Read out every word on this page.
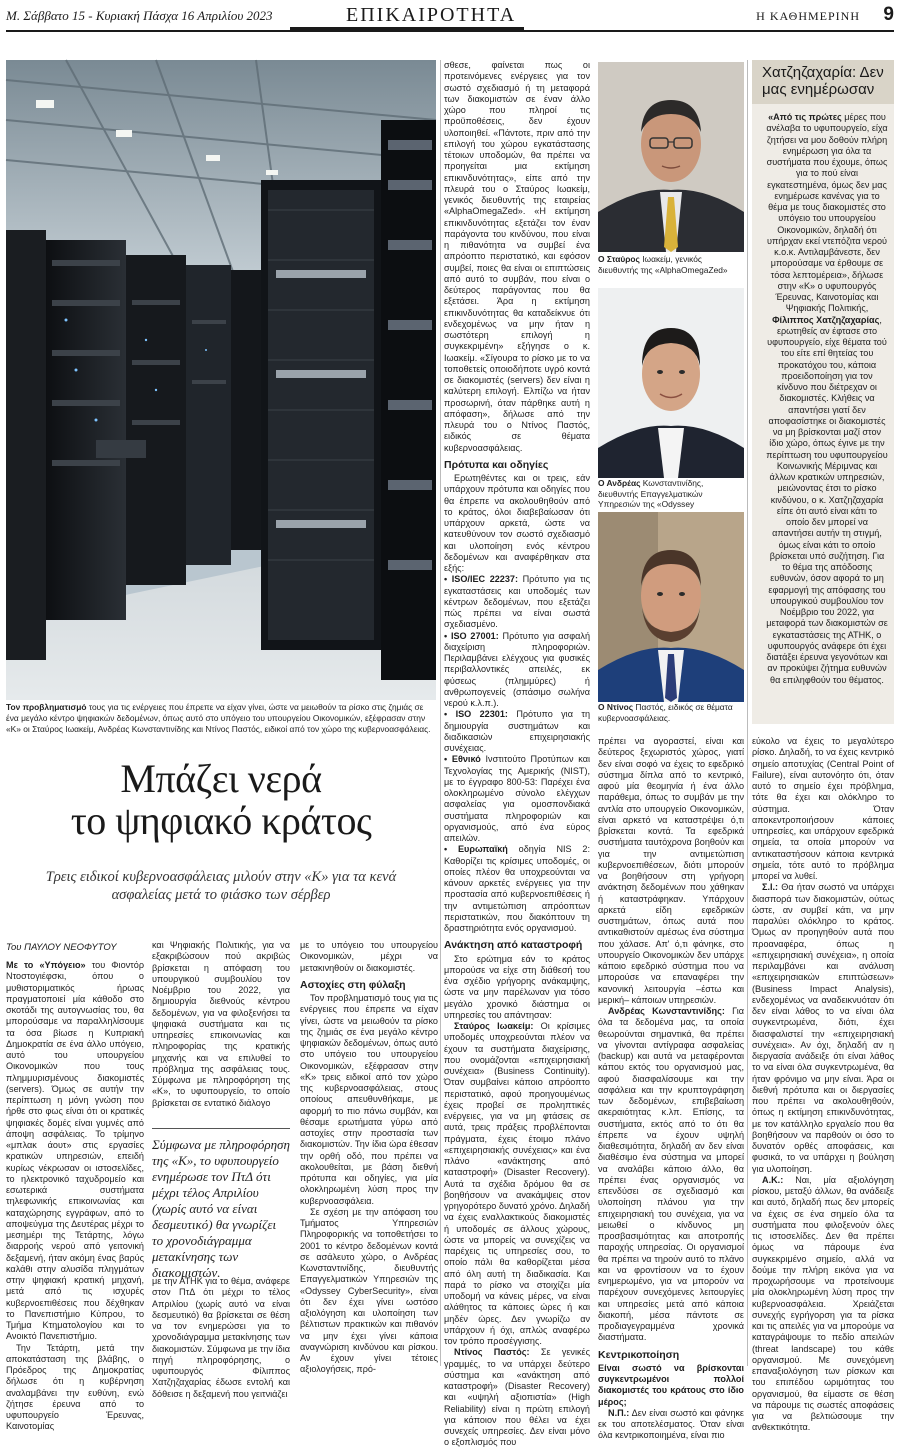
Μ. Σάββατο 15 - Κυριακή Πάσχα 16 Απριλίου 2023	ΕΠΙΚΑΙΡΟΤΗΤΑ	Η ΚΑΘΗΜΕΡΙΝΗ 9
Τον προβληματισμό τους για τις ενέργειες που έπρεπε να είχαν γίνει, ώστε να μειωθούν τα ρίσκο στις ζημιάς σε ένα μεγάλο κέντρο ψηφιακών δεδομένων, όπως αυτό στο υπόγειο του υπουργείου Οικονομικών, εξέφρασαν στην «Κ» οι Σταύρος Ιωακείμ, Ανδρέας Κωνσταντινίδης και Ντίνος Παστός, ειδικοί από τον χώρο της κυβερνοασφάλειας.
Μπάζει νερά
το ψηφιακό κράτος
Τρεις ειδικοί κυβερνοασφάλειας μιλούν στην «Κ» για τα κενά ασφαλείας μετά το φιάσκο των σέρβερ
Του ΠΑΥΛΟΥ ΝΕΟΦΥΤΟΥ

Με το «Υπόγειο» του Φιοντόρ Ντοστογιέφσκι, όπου ο μυθιστοριματικός ήρωας πραγματοποιεί μία κάθοδο στο σκοτάδι της αυτογνωσίας του, θα μπορούσαμε να παραλληλίσουμε τα όσα βίωσε η Κυπριακή Δημοκρατία σε ένα άλλο υπόγειο, αυτό του υπουργείου Οικονομικών που τους πλημμυρισμένους διακομιστές (servers). Όμως σε αυτήν την περίπτωση η μόνη γνώση που ήρθε στο φως είναι ότι οι κρατικές ψηφιακές δομές είναι γυμνές από άποψη ασφάλειας. Το τρίμηνο «μπλακ άουτ» στις εργασίες κρατικών υπηρεσιών, επειδή κυρίως νέκρωσαν οι ιστοσελίδες, το ηλεκτρονικό ταχυδρομείο και εσωτερικά συστήματα τηλεφωνικής επικοινωνίας και καταχώρησης εγγράφων, από το αποψεύγμα της Δευτέρας μέχρι το μεσημέρι της Τετάρτης, λόγω διαρροής νερού από γειτονική δεξαμενή, ήταν ακόμη ένας βαρύς καλάθι στην αλυσίδα πληγμάτων στην ψηφιακή κρατική μηχανή, μετά από τις ισχυρές κυβερνοεπιθέσεις που δέχθηκαν το Πανεπιστήμιο Κύπρου, το Τμήμα Κτηματολογίου και το Ανοικτό Πανεπιστήμιο.

Την Τετάρτη, μετά την αποκατάσταση της βλάβης, ο Πρόεδρος της Δημοκρατίας δήλωσε ότι η κυβέρνηση αναλαμβάνει την ευθύνη, ενώ ζήτησε έρευνα από το υφυπουργείο Έρευνας, Καινοτομίας

και Ψηφιακής Πολιτικής, για να εξακριβώσουν πού ακριβώς βρίσκεται η απόφαση του υπουργικού συμβουλίου τον Νοέμβριο του 2022, για δημιουργία διεθνούς κέντρου δεδομένων, για να φιλοξενήσει τα ψηφιακά συστήματα και τις υπηρεσίες επικοινωνίας και πληροφορίας της κρατικής μηχανής και να επιλυθεί το πρόβλημα της ασφάλειας τους. Σύμφωνα με πληροφόρηση της «Κ», το υφυπουργείο, το οποίο βρίσκεται σε εντατικό διάλογο

Σύμφωνα με πληροφόρηση της «Κ», το υφυπουργείο ενημέρωσε τον ΠτΔ ότι μέχρι τέλος Απριλίου (χωρίς αυτό να είναι δεσμευτικό) θα γνωρίζει το χρονοδιάγραμμα μετακίνησης των διακομιστών.

με την ΑΤΗΚ για το θέμα, ανάφερε στον ΠτΔ ότι μέχρι το τέλος Απριλίου (χωρίς αυτό να είναι δεσμευτικό) θα βρίσκεται σε θέση να τον ενημερώσει για το χρονοδιάγραμμα μετακίνησης των διακομιστών. Σύμφωνα με την ίδια πηγή πληροφόρησης, ο υφυπουργός Φίλιππος Χατζηζαχαρίας έδωσε εντολή και δόθεισε η δεξαμενή που γειτνιάζει

με το υπόγειο του υπουργείου Οικονομικών, μέχρι να μετακινηθούν οι διακομιστές.

Αστοχίες στη φύλαξη

Τον προβληματισμό τους για τις ενέργειες που έπρεπε να είχαν γίνει, ώστε να μειωθούν τα ρίσκο της ζημιάς σε ένα μεγάλο κέντρο ψηφιακών δεδομένων, όπως αυτό στο υπόγειο του υπουργείου Οικονομικών, εξέφρασαν στην «Κ» τρεις ειδικοί από τον χώρο της κυβερνοασφάλειας, στους οποίους απευθυνθήκαμε, με αφορμή το πιο πάνω συμβάν, και θέσαμε ερωτήματα γύρω από αστοχίες στην προστασία των διακομιστών. Την ίδια ώρα έθεσαν την ορθή οδό, που πρέπει να ακολουθείται, με βάση διεθνή πρότυπα και οδηγίες, για μία ολοκληρωμένη λύση προς την κυβερνοασφάλεια.

Σε σχέση με την απόφαση του Τμήματος Υπηρεσιών Πληροφορικής να τοποθετήσει το 2001 το κέντρο δεδομένων κοντά σε ασάλευτο χώρο, ο Ανδρέας Κωνσταντινίδης, διευθυντής Επαγγελματικών Υπηρεσιών της «Odyssey CyberSecurity», είναι ότι δεν έχει γίνει ωστόσο αξιολόγηση και υλοποίηση των βέλτιστων πρακτικών και πιθανόν να μην έχει γίνει κάποια αναγνώριση κινδύνου και ρίσκου. Αν έχουν γίνει τέτοιες αξιολογήσεις, πρό-

σθεσε, φαίνεται πως οι προτεινόμενες ενέργειες για τον σωστό σχεδιασμό ή τη μεταφορά των διακομιστών σε έναν άλλο χώρο που πληροί τις προϋποθέσεις, δεν έχουν υλοποιηθεί. «Πάντοτε, πριν από την επιλογή του χώρου εγκατάστασης τέτοιων υποδομών, θα πρέπει να προηγείται μια εκτίμηση επικινδυνότητας», είπε από την πλευρά του ο Σταύρος Ιωακείμ, γενικός διευθυντής της εταιρείας «AlphaOmegaZed». «Η εκτίμηση επικινδυνότητας εξετάζει τον έναν παράγοντα του κινδύνου, που είναι η πιθανότητα να συμβεί ένα απρόοπτο περιστατικό, και εφόσον συμβεί, ποιες θα είναι οι επιπτώσεις από αυτό το συμβάν, που είναι ο δεύτερος παράγοντας που θα εξετάσει. Άρα η εκτίμηση επικινδυνότητας θα καταδείκνυε ότι ενδεχομένως να μην ήταν η σωστότερη επιλογή η συγκεκριμένη» εξήγησε ο κ. Ιωακείμ. «Σίγουρα το ρίσκο με το να τοποθετείς οποιοδήποτε υγρό κοντά σε διακομιστές (servers) δεν είναι η καλύτερη επιλογή. Ελπίζω να ήταν προσωρινή, όταν πάρθηκε αυτή η απόφαση», δήλωσε από την πλευρά του ο Ντίνος Παστός, ειδικός σε θέματα κυβερνοασφάλειας.

Πρότυπα και οδηγίες

Ερωτηθέντες και οι τρεις, εάν υπάρχουν πρότυπα και οδηγίες που θα έπρεπε να ακολουθηθούν από το κράτος, όλοι διαβεβαίωσαν ότι υπάρχουν αρκετά, ώστε να κατευθύνουν τον σωστό σχεδιασμό και υλοποίηση ενός κέντρου δεδομένων και αναφέρθηκαν στα εξής:

• ISO/IEC 22237: Πρότυπο για τις εγκαταστάσεις και υποδομές των κέντρων δεδομένων, που εξετάζει πώς πρέπει να είναι σωστά σχεδιασμένο.

• ISO 27001: Πρότυπο για ασφαλή διαχείριση πληροφοριών. Περιλαμβάνει ελέγχους για φυσικές περιβαλλοντικές απειλές, εκ φύσεως (πλημμύρες) ή ανθρωπογενείς (σπάσιμο σωλήνα νερού κ.λ.π.).

• ISO 22301: Πρότυπο για τη δημιουργία συστημάτων και διαδικασιών επιχειρησιακής συνέχειας.

• Εθνικό Ινστιτούτο Προτύπων και Τεχνολογίας της Αμερικής (NIST), με το έγγραφο 800-53: Παρέχει ένα ολοκληρωμένο σύνολο ελέγχων ασφαλείας για ομοσπονδιακά συστήματα πληροφοριών και οργανισμούς, από ένα εύρος απειλών.

• Ευρωπαϊκή οδηγία NIS 2: Καθορίζει τις κρίσιμες υποδομές, οι οποίες πλέον θα υποχρεούνται να κάνουν αρκετές ενέργειες για την προστασία από κυβερνοεπιθέσεις ή την αντιμετώπιση απρόοπτων περιστατικών, που διακόπτουν τη δραστηριότητα ενός οργανισμού.

Ανάκτηση από καταστροφή

Στο ερώτημα εάν το κράτος μπορούσε να είχε στη διάθεσή του ένα σχέδιο γρήγορης ανάκαμψης, ώστε να μην παρέλωναν για τόσο μεγάλο χρονικό διάστημα οι υπηρεσίες του απάντησαν:

Σταύρος Ιωακείμ: Οι κρίσιμες υποδομές υποχρεούνται πλέον να έχουν τα συστήματα διαχείρισης, που ονομάζονται «επιχειρησιακή συνέχεια» (Business Continuity). Όταν συμβαίνει κάποιο απρόοπτο περιστατικό, αφού προηγουμένως έχεις προβεί σε προληπτικές ενέργειες, για να μη φτάσεις σε αυτά, τρεις πράξεις προβλέπονται πράγματα, έχεις έτοιμο πλάνο «επιχειρησιακής συνέχειας» και ένα πλάνο «ανάκτησης από καταστροφή» (Disaster Recovery). Αυτά τα σχέδια δρόμου θα σε βοηθήσουν να ανακάμψεις στον γρηγορότερο δυνατό χρόνο. Δηλαδή να έχεις εναλλακτικούς διακομιστές ή υποδομές σε άλλους χώρους, ώστε να μπορείς να συνεχίζεις να παρέχεις τις υπηρεσίες σου, το οποίο πάλι θα καθορίζεται μέσα από όλη αυτή τη διαδικασία. Και παρά το ρίσκο να στοιχίζει μία υποδομή να κάνεις μέρες, να είναι αλάθητος τα κάποιες ώρες ή και μηδέν ώρες. Δεν γνωρίζω αν υπάρχουν ή όχι, απλώς αναφέρω τον τρόπο προσέγγισης.

Ντίνος Παστός: Σε γενικές γραμμές, το να υπάρχει δεύτερο σύστημα και «ανάκτηση από καταστροφή» (Disaster Recovery) και «υψηλή αξιοπιστία» (High Reliability) είναι η πρώτη επιλογή για κάποιον που θέλει να έχει συνεχείς υπηρεσίες. Δεν είναι μόνο ο εξοπλισμός που

Ο Σταύρος Ιωακείμ, γενικός διευθυντής της «AlphaOmegaZed»
Ο Ανδρέας Κωνσταντινίδης, διευθυντής Επαγγελματικών Υπηρεσιών της «Odyssey
Ο Ντίνος Παστός, ειδικός σε θέματα κυβερνοασφάλειας.

πρέπει να αγοραστεί, είναι και δεύτερος ξεχωριστός χώρος, γιατί δεν είναι σοφό να έχεις το εφεδρικό σύστημα δίπλα από το κεντρικό, αφού μία θεομηνία ή ένα άλλο παράθεμα, όπως το συμβάν με την αντλία στο υπουργείο Οικονομικών, είναι αρκετό να καταστρέψει ό,τι βρίσκεται κοντά. Τα εφεδρικά συστήματα ταυτόχρονα βοηθούν και για την αντιμετώπιση κυβερνοεπιθέσεων, διότι μπορούν να βοηθήσουν στη γρήγορη ανάκτηση δεδομένων που χάθηκαν ή καταστράφηκαν. Υπάρχουν αρκετά είδη εφεδρικών συστημάτων, όπως αυτά που αντικαθιστούν αμέσως ένα σύστημα που χάλασε. Απ' ό,τι φάνηκε, στο υπουργείο Οικονομικών δεν υπάρχε κάποιο εφεδρικό σύστημα που να μπορούσε να επαναφέρει την κανονική λειτουργία –έστω και μερική– κάποιων υπηρεσιών.

Ανδρέας Κωνσταντινίδης: Για όλα τα δεδομένα μας, τα οποία θεωρούνται σημαντικά, θα πρέπει να γίνονται αντίγραφα ασφαλείας (backup) και αυτά να μεταφέρονται κάπου εκτός του οργανισμού μας, αφού διασφαλίσουμε και την ασφάλεια και την κρυπτογράφηση των δεδομένων, επιβεβαίωση ακεραιότητας κ.λπ. Επίσης, τα συστήματα, εκτός από το ότι θα έπρεπε να έχουν υψηλή διαθεσιμότητα, δηλαδή αν δεν είναι διαθέσιμο ένα σύστημα να μπορεί να αναλάβει κάποιο άλλο, θα πρέπει ένας οργανισμός να επενδύσει σε σχεδιασμό και υλοποίηση πλάνου για την επιχειρησιακή του συνέχεια, για να μειωθεί ο κίνδυνος μη προσβασιμότητας και αποτροπής παροχής υπηρεσίας. Οι οργανισμοί θα πρέπει να τηρούν αυτό το πλάνο και να φροντίσουν να το έχουν ενημερωμένο, για να μπορούν να παρέχουν συνεχόμενες λειτουργίες και υπηρεσίες μετά από κάποια διακοπή, μέσα πάντοτε σε προδιαγεγραμμένα χρονικά διαστήματα.

Κεντρικοποίηση

Είναι σωστό να βρίσκονται συγκεντρωμένοι πολλοί διακομιστές του κράτους στο ίδιο μέρος;

Ν.Π.: Δεν είναι σωστό και φάνηκε εκ του αποτελέσματος. Όταν είναι όλα κεντρικοποιημένα, είναι πιο

Χατζηζαχαρία: Δεν μας ενημέρωσαν
«Από τις πρώτες μέρες που ανέλαβα το υφυπουργείο, είχα ζητήσει να μου δοθούν πλήρη ενημέρωση για όλα τα συστήματα που έχουμε, όπως για το πού είναι εγκατεστημένα, όμως δεν μας ενημέρωσε κανένας για το θέμα με τους διακομιστές στο υπόγειο του υπουργείου Οικονομικών, δηλαδή ότι υπήρχαν εκεί ντεπόζιτα νερού κ.ο.κ. Αντιλαμβάνεστε, δεν μπορούσαμε να έρθουμε σε τόσα λεπτομέρεια», δήλωσε στην «Κ» ο υφυπουργός Έρευνας, Καινοτομίας και Ψηφιακής Πολιτικής, Φίλιππος Χατζηζαχαρίας, ερωτηθείς αν έφτασε στο υφυπουργείο, είχε θέματα τού του είτε επί θητείας του προκατόχου του, κάποια προειδοποίηση για τον κίνδυνο που διέτρεχαν οι διακομιστές. Κλήθεις να απαντήσει γιατί δεν αποφασίστηκε οι διακομιστές να μη βρίσκονται μαζί στον ίδιο χώρο, όπως έγινε με την περίπτωση του υφυπουργείου Κοινωνικής Μέριμνας και άλλων κρατικών υπηρεσιών, μειώνοντας έτσι το ρίσκο κινδύνου, ο κ. Χατζηζαχαρία είπε ότι αυτό είναι κάτι το οποίο δεν μπορεί να απαντήσει αυτήν τη στιγμή, όμως είναι κάτι το οποίο βρίσκεται υπό συζήτηση. Για το θέμα της απόδοσης ευθυνών, όσον αφορά το μη εφαρμογή της απόφασης του υπουργικού συμβουλίου τον Νοέμβριο του 2022, για μεταφορά των διακομιστών σε εγκαταστάσεις της ΑΤΗΚ, ο υφυπουργός ανάφερε ότι έχει διατάξει έρευνα γεγονότων και αν προκύψει ζήτημα ευθυνών θα επιληφθούν του θέματος.

εύκολο να έχεις το μεγαλύτερο ρίσκο. Δηλαδή, το να έχεις κεντρικό σημείο αποτυχίας (Central Point of Failure), είναι αυτονόητο ότι, όταν αυτό το σημείο έχει πρόβλημα, τότε θα έχει και ολόκληρο το σύστημα. Όταν αποκεντροποιήσουν κάποιες υπηρεσίες, και υπάρχουν εφεδρικά σημεία, τα οποία μπορούν να αντικαταστήσουν κάποια κεντρικά σημεία, τότε αυτό το πρόβλημα μπορεί να λυθεί.

Σ.Ι.: Θα ήταν σωστό να υπάρχει διασπορά των διακομιστών, ούτως ώστε, αν συμβεί κάτι, να μην παραλύει ολόκληρο το κράτος. Όμως αν προηγηθούν αυτά που προαναφέρα, όπως η «επιχειρησιακή συνέχεια», η οποία περιλαμβάνει και ανάλυση «επιχειρησιακών επιπτώσεων» (Business Impact Analysis), ενδεχομένως να αναδεικνυόταν ότι δεν είναι λάθος το να είναι όλα συγκεντρωμένα, διότι, έχει διασφαλιστεί την «επιχειρησιακή συνέχεια». Αν όχι, δηλαδή αν η διεργασία ανάδειξε ότι είναι λάθος το να είναι όλα συγκεντρωμένα, θα ήταν φρόνιμο να μην είναι. Άρα οι διεθνή πρότυπα και οι διεργασίες που πρέπει να ακολουθηθούν, όπως η εκτίμηση επικινδυνότητας, με τον κατάλληλο εργαλείο που θα βοηθήσουν να παρθούν οι όσο το δυνατόν ορθές αποφάσεις, και φυσικά, το να υπάρχει η βούληση για υλοποίηση.

Α.Κ.: Ναι, μία αξιολόγηση ρίσκου, μεταξύ άλλων, θα ανάδειξε και αυτό, δηλαδή πως δεν μπορείς να έχεις σε ένα σημείο όλα τα συστήματα που φιλοξενούν όλες τις ιστοσελίδες. Δεν θα πρέπει όμως να πάρουμε ένα συγκεκριμένο σημείο, αλλά να δούμε την πλήρη εικόνα για να προχωρήσουμε να προτείνουμε μία ολοκληρωμένη λύση προς την κυβερνοασφάλεια. Χρειάζεται συνεχής εγρήγορση για τα ρίσκα και τις απειλές για να μπορούμε να καταγράψουμε το πεδίο απειλών (threat landscape) του κάθε οργανισμού. Με συνεχόμενη επαναξιολόγηση των ρίσκων και του επιπέδου ωριμότητας του οργανισμού, θα είμαστε σε θέση να πάρουμε τις σωστές αποφάσεις για να βελτιώσουμε την ανθεκτικότητα.
